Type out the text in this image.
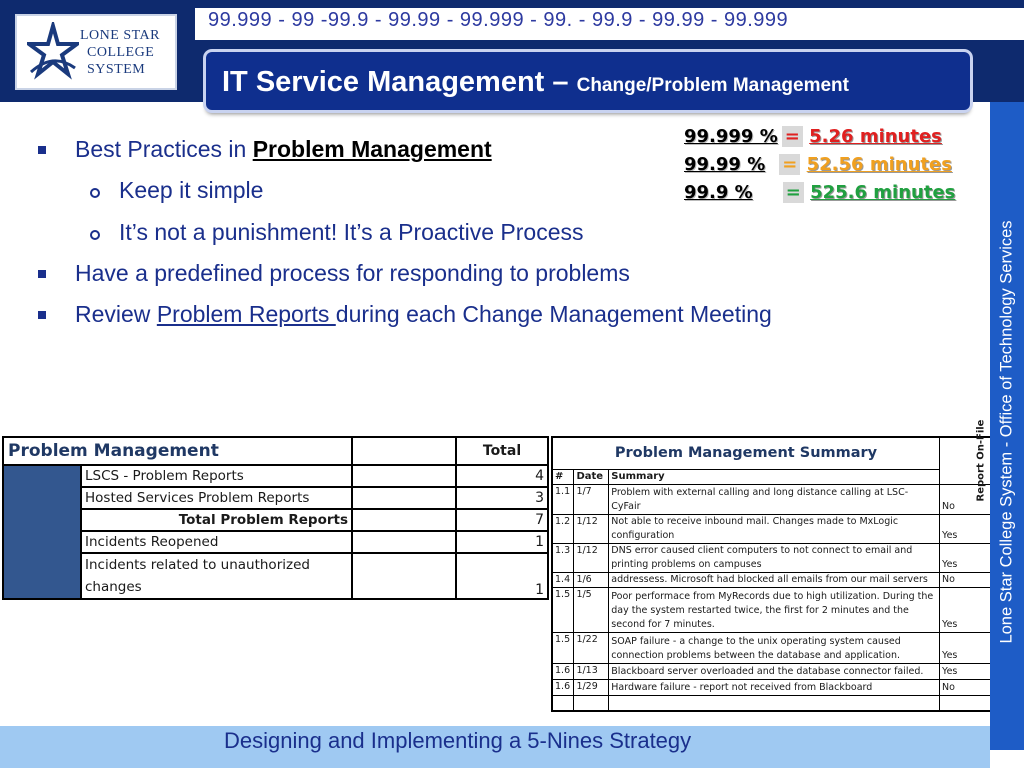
99.999 - 99 -99.9 - 99.99 - 99.999 - 99. - 99.9 - 99.99 - 99.999
LONE STAR
COLLEGE
SYSTEM	IT Service Management – Change/Problem Management
Best Practices in Problem Management
Keep it simple
It’s not a punishment! It’s a Proactive Process
Have a predefined process for responding to problems
Review Problem Reports during each Change Management Meeting
99.999 % = 5.26 minutes
99.99 % = 52.56 minutes
99.9 % = 525.6 minutes
Problem Management			Total
	LSCS - Problem Reports		4
	Hosted Services Problem Reports		3
	Total Problem Reports		7
	Incidents Reopened		1
	Incidents related to unauthorized
changes		1
Problem Management Summary			Report On-File
#	Date	Summary	
1.1	1/7	Problem with external calling and long distance calling at LSC-CyFair	No
1.2	1/12	Not able to receive inbound mail. Changes made to MxLogic configuration	Yes
1.3	1/12	DNS error caused client computers to not connect to email and printing problems on campuses	Yes
1.4	1/6	addressess. Microsoft had blocked all emails from our mail servers	No
1.5	1/5	Poor performace from MyRecords due to high utilization. During the day the system restarted twice, the first for 2 minutes and the second for 7 minutes.	Yes
1.5	1/22	SOAP failure - a change to the unix operating system caused connection problems between the database and application.	Yes
1.6	1/13	Blackboard server overloaded and the database connector failed.	Yes
1.6	1/29	Hardware failure - report not received from Blackboard	No

Lone Star College System - Office of Technology Services
Designing and Implementing a 5-Nines Strategy
